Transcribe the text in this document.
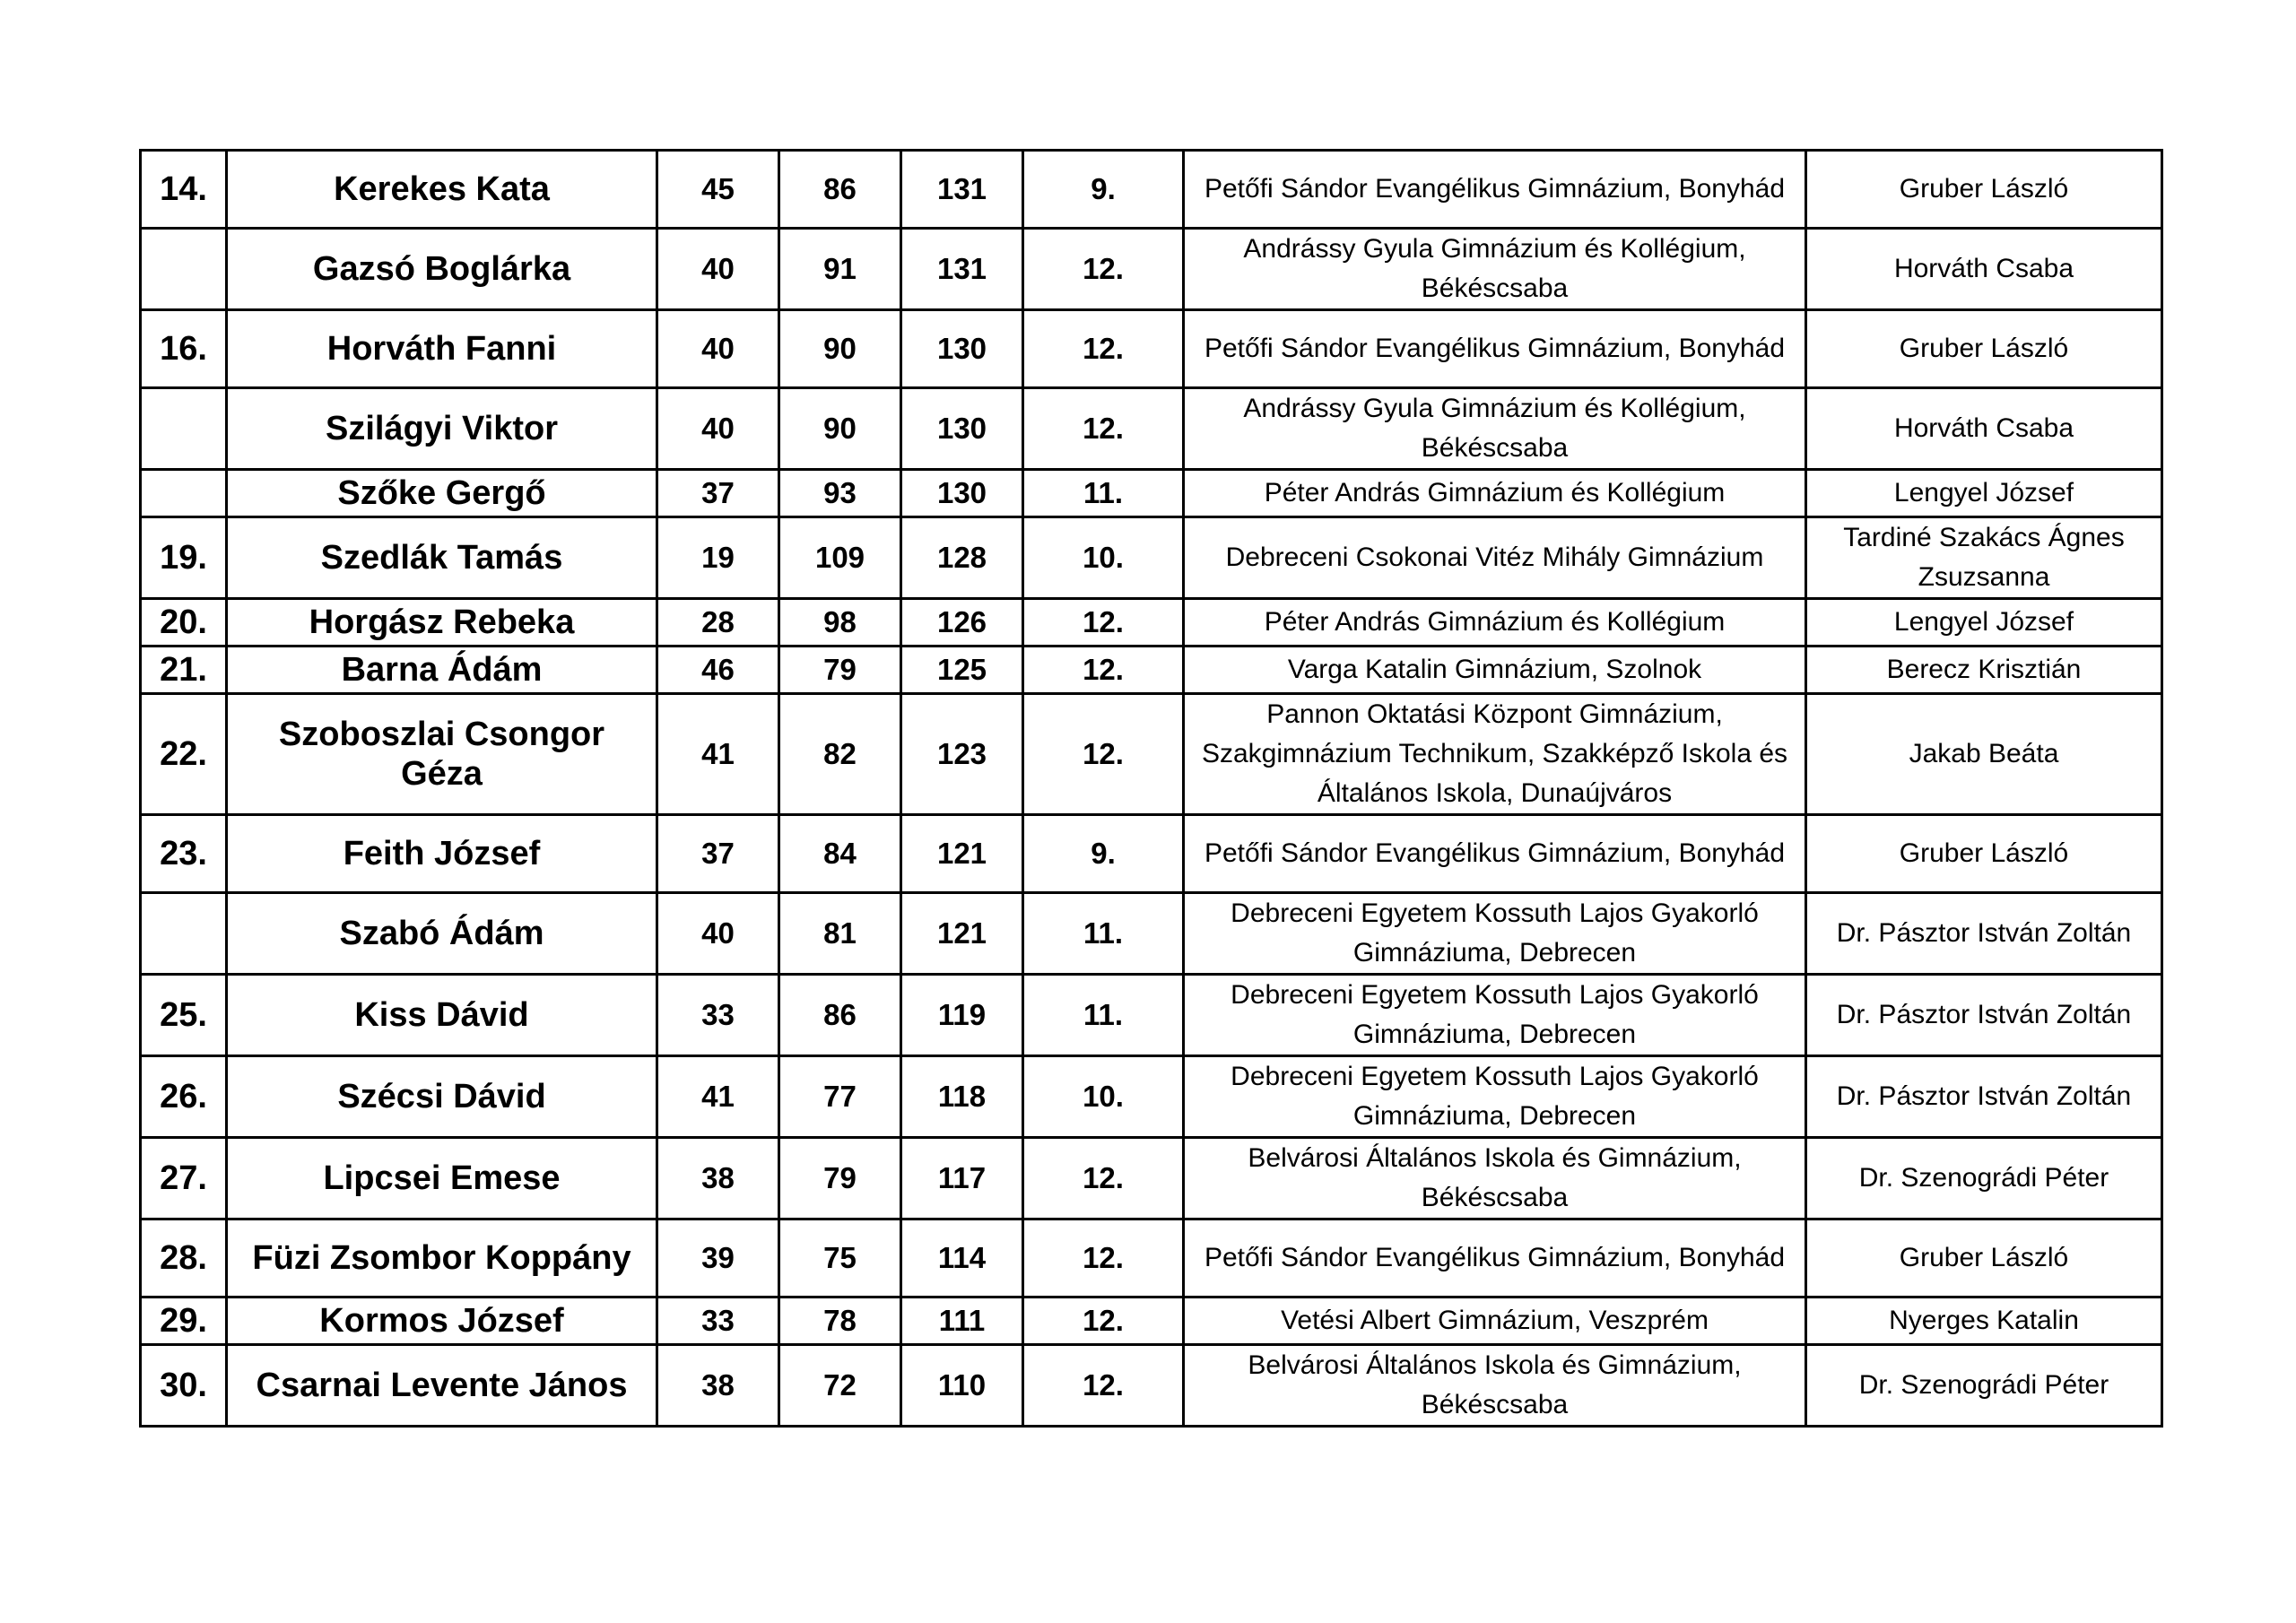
14.	Kerekes Kata	45	86	131	9.	Petőfi Sándor Evangélikus Gimnázium, Bonyhád	Gruber László
	Gazsó Boglárka	40	91	131	12.	Andrássy Gyula Gimnázium és Kollégium, Békéscsaba	Horváth Csaba
16.	Horváth Fanni	40	90	130	12.	Petőfi Sándor Evangélikus Gimnázium, Bonyhád	Gruber László
	Szilágyi Viktor	40	90	130	12.	Andrássy Gyula Gimnázium és Kollégium, Békéscsaba	Horváth Csaba
	Szőke Gergő	37	93	130	11.	Péter András Gimnázium és Kollégium	Lengyel József
19.	Szedlák Tamás	19	109	128	10.	Debreceni Csokonai Vitéz Mihály Gimnázium	Tardiné Szakács Ágnes Zsuzsanna
20.	Horgász Rebeka	28	98	126	12.	Péter András Gimnázium és Kollégium	Lengyel József
21.	Barna Ádám	46	79	125	12.	Varga Katalin Gimnázium, Szolnok	Berecz Krisztián
22.	Szoboszlai Csongor Géza	41	82	123	12.	Pannon Oktatási Központ Gimnázium, Szakgimnázium Technikum, Szakképző Iskola és Általános Iskola, Dunaújváros	Jakab Beáta
23.	Feith József	37	84	121	9.	Petőfi Sándor Evangélikus Gimnázium, Bonyhád	Gruber László
	Szabó Ádám	40	81	121	11.	Debreceni Egyetem Kossuth Lajos Gyakorló Gimnáziuma, Debrecen	Dr. Pásztor István Zoltán
25.	Kiss Dávid	33	86	119	11.	Debreceni Egyetem Kossuth Lajos Gyakorló Gimnáziuma, Debrecen	Dr. Pásztor István Zoltán
26.	Szécsi Dávid	41	77	118	10.	Debreceni Egyetem Kossuth Lajos Gyakorló Gimnáziuma, Debrecen	Dr. Pásztor István Zoltán
27.	Lipcsei Emese	38	79	117	12.	Belvárosi Általános Iskola és Gimnázium, Békéscsaba	Dr. Szenográdi Péter
28.	Füzi Zsombor Koppány	39	75	114	12.	Petőfi Sándor Evangélikus Gimnázium, Bonyhád	Gruber László
29.	Kormos József	33	78	111	12.	Vetési Albert Gimnázium, Veszprém	Nyerges Katalin
30.	Csarnai Levente János	38	72	110	12.	Belvárosi Általános Iskola és Gimnázium, Békéscsaba	Dr. Szenográdi Péter
